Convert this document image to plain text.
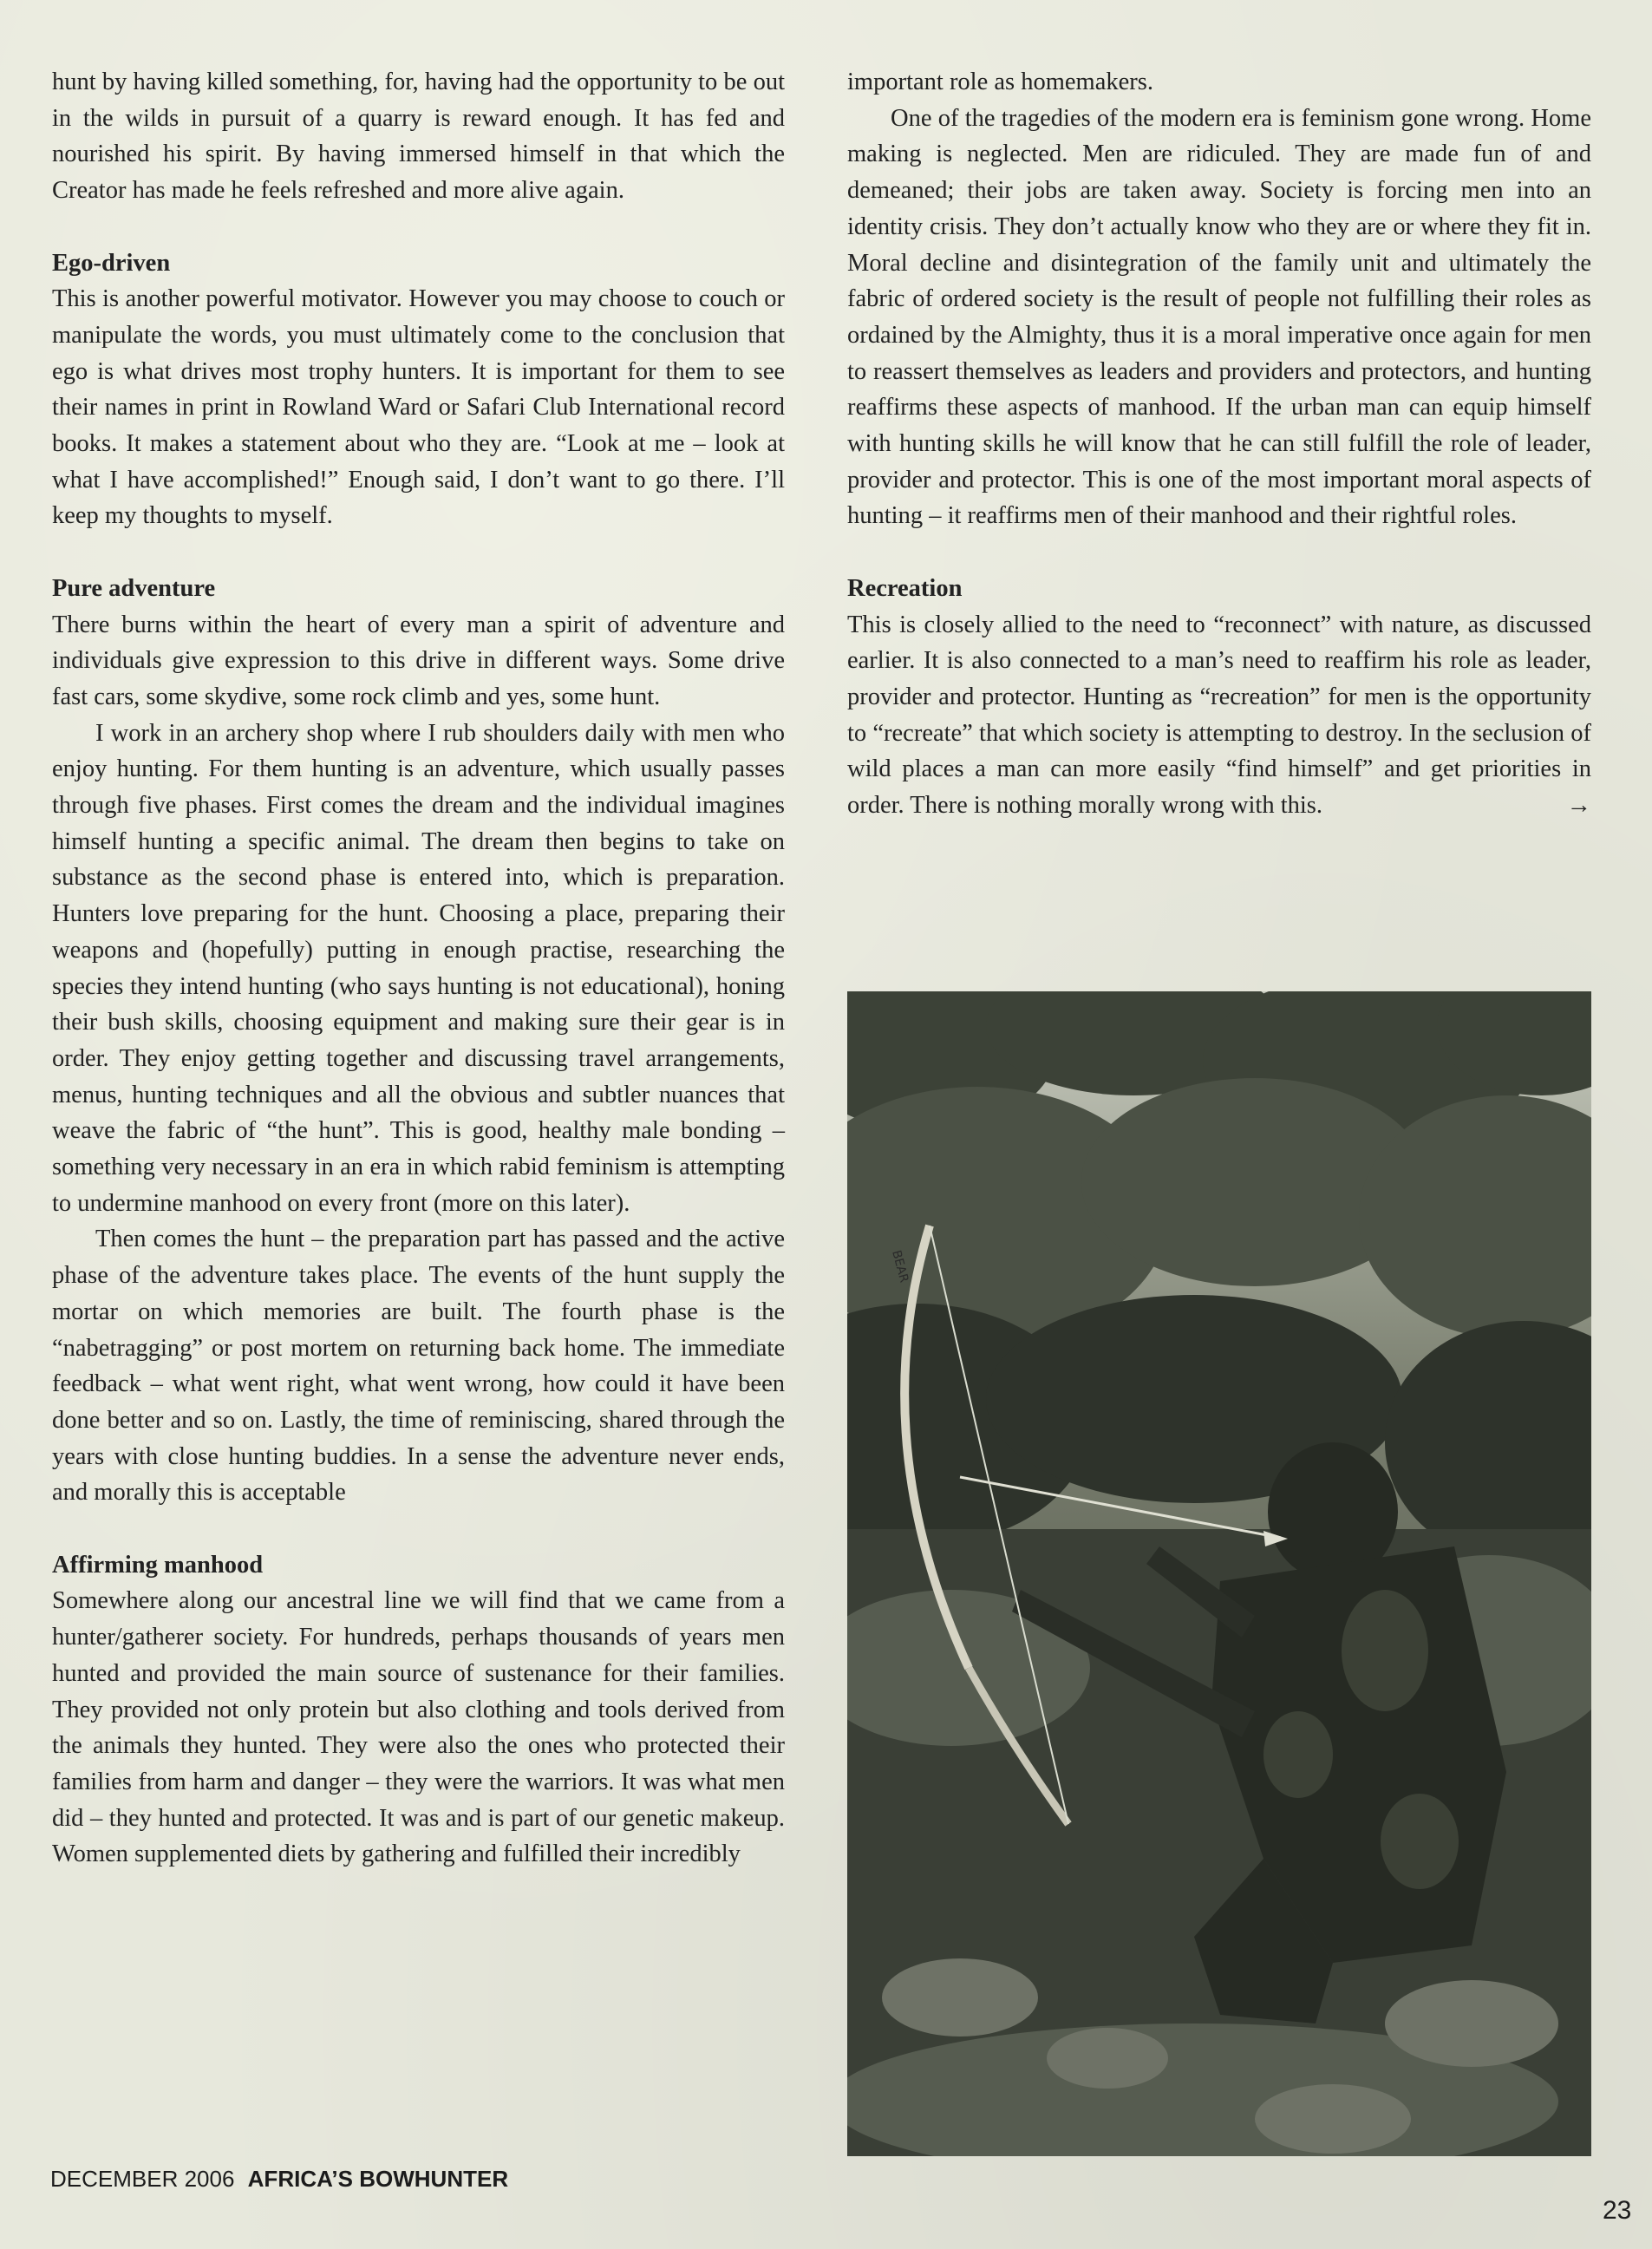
hunt by having killed something, for, having had the opportunity to be out in the wilds in pursuit of a quarry is reward enough. It has fed and nourished his spirit. By having immersed himself in that which the Creator has made he feels refreshed and more alive again.

Ego-driven

This is another powerful motivator. However you may choose to couch or manipulate the words, you must ultimately come to the conclusion that ego is what drives most trophy hunters. It is important for them to see their names in print in Rowland Ward or Safari Club International record books. It makes a statement about who they are. “Look at me – look at what I have accomplished!” Enough said, I don’t want to go there. I’ll keep my thoughts to myself.

Pure adventure

There burns within the heart of every man a spirit of adventure and individuals give expression to this drive in different ways. Some drive fast cars, some skydive, some rock climb and yes, some hunt.

I work in an archery shop where I rub shoulders daily with men who enjoy hunting. For them hunting is an adventure, which usually passes through five phases. First comes the dream and the individual imagines himself hunting a specific animal. The dream then begins to take on substance as the second phase is entered into, which is preparation. Hunters love preparing for the hunt. Choosing a place, preparing their weapons and (hopefully) putting in enough practise, researching the species they intend hunting (who says hunting is not educational), honing their bush skills, choosing equipment and making sure their gear is in order. They enjoy getting together and discussing travel arrangements, menus, hunting techniques and all the obvious and subtler nuances that weave the fabric of “the hunt”. This is good, healthy male bonding – something very necessary in an era in which rabid feminism is attempting to undermine manhood on every front (more on this later).

Then comes the hunt – the preparation part has passed and the active phase of the adventure takes place. The events of the hunt supply the mortar on which memories are built. The fourth phase is the “nabetragging” or post mortem on returning back home. The immediate feedback – what went right, what went wrong, how could it have been done better and so on. Lastly, the time of reminiscing, shared through the years with close hunting buddies. In a sense the adventure never ends, and morally this is acceptable

Affirming manhood

Somewhere along our ancestral line we will find that we came from a hunter/gatherer society. For hundreds, perhaps thousands of years men hunted and provided the main source of sustenance for their families. They provided not only protein but also clothing and tools derived from the animals they hunted. They were also the ones who protected their families from harm and danger – they were the warriors. It was what men did – they hunted and protected. It was and is part of our genetic makeup. Women supplemented diets by gathering and fulfilled their incredibly

important role as homemakers.

One of the tragedies of the modern era is feminism gone wrong. Home making is neglected. Men are ridiculed. They are made fun of and demeaned; their jobs are taken away. Society is forcing men into an identity crisis. They don’t actually know who they are or where they fit in. Moral decline and disintegration of the family unit and ultimately the fabric of ordered society is the result of people not fulfilling their roles as ordained by the Almighty, thus it is a moral imperative once again for men to reassert themselves as leaders and providers and protectors, and hunting reaffirms these aspects of manhood. If the urban man can equip himself with hunting skills he will know that he can still fulfill the role of leader, provider and protector. This is one of the most important moral aspects of hunting – it reaffirms men of their manhood and their rightful roles.

Recreation

This is closely allied to the need to “reconnect” with nature, as discussed earlier. It is also connected to a man’s need to reaffirm his role as leader, provider and protector. Hunting as “recreation” for men is the opportunity to “recreate” that which society is attempting to destroy. In the seclusion of wild places a man can more easily “find himself” and get priorities in order. There is nothing morally wrong with this.	→

BEAR
DECEMBER 2006 AFRICA’S BOWHUNTER
23
